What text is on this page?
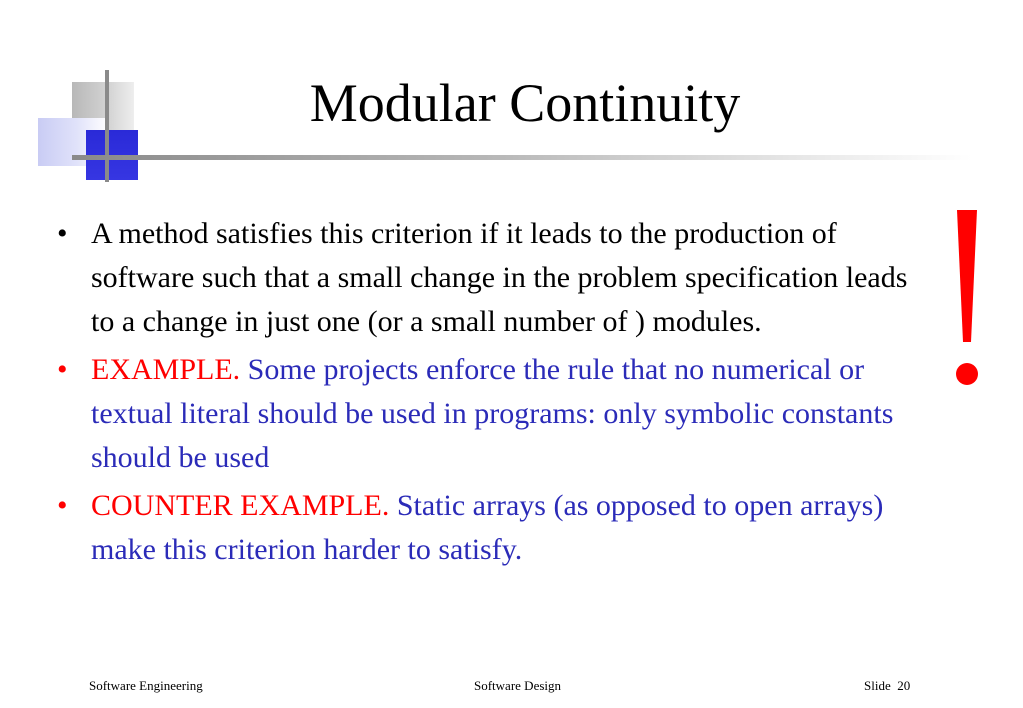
Modular Continuity
• A method satisfies this criterion if it leads to the production of software such that a small change in the problem specification leads to a change in just one (or a small number of ) modules.
• EXAMPLE. Some projects enforce the rule that no numerical or textual literal should be used in programs: only symbolic constants should be used
• COUNTER EXAMPLE. Static arrays (as opposed to open arrays) make this criterion harder to satisfy.
Software Engineering	Software Design	Slide 20
